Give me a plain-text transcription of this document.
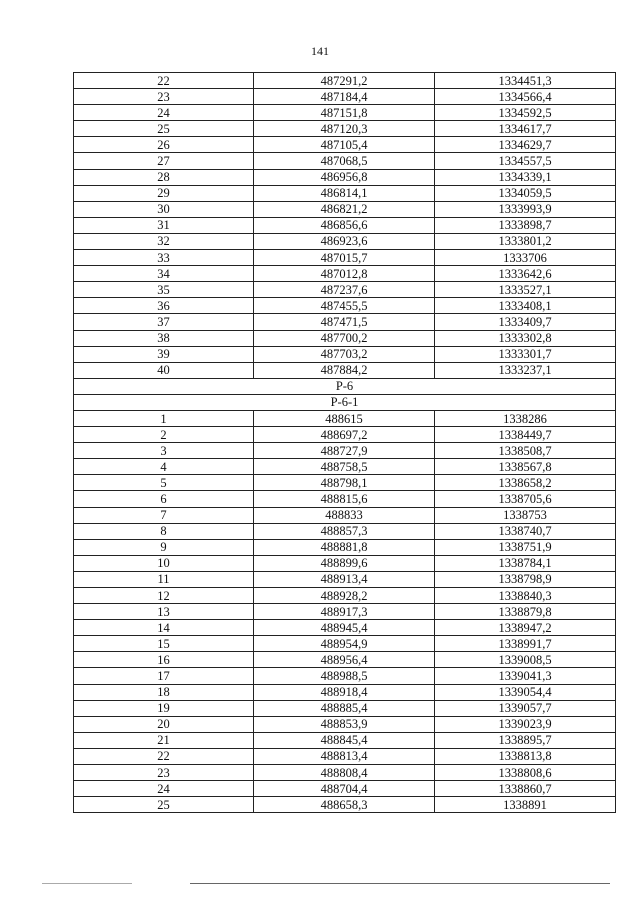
141
22	487291,2	1334451,3
23	487184,4	1334566,4
24	487151,8	1334592,5
25	487120,3	1334617,7
26	487105,4	1334629,7
27	487068,5	1334557,5
28	486956,8	1334339,1
29	486814,1	1334059,5
30	486821,2	1333993,9
31	486856,6	1333898,7
32	486923,6	1333801,2
33	487015,7	1333706
34	487012,8	1333642,6
35	487237,6	1333527,1
36	487455,5	1333408,1
37	487471,5	1333409,7
38	487700,2	1333302,8
39	487703,2	1333301,7
40	487884,2	1333237,1
Р-6		
Р-6-1		
1	488615	1338286
2	488697,2	1338449,7
3	488727,9	1338508,7
4	488758,5	1338567,8
5	488798,1	1338658,2
6	488815,6	1338705,6
7	488833	1338753
8	488857,3	1338740,7
9	488881,8	1338751,9
10	488899,6	1338784,1
11	488913,4	1338798,9
12	488928,2	1338840,3
13	488917,3	1338879,8
14	488945,4	1338947,2
15	488954,9	1338991,7
16	488956,4	1339008,5
17	488988,5	1339041,3
18	488918,4	1339054,4
19	488885,4	1339057,7
20	488853,9	1339023,9
21	488845,4	1338895,7
22	488813,4	1338813,8
23	488808,4	1338808,6
24	488704,4	1338860,7
25	488658,3	1338891
